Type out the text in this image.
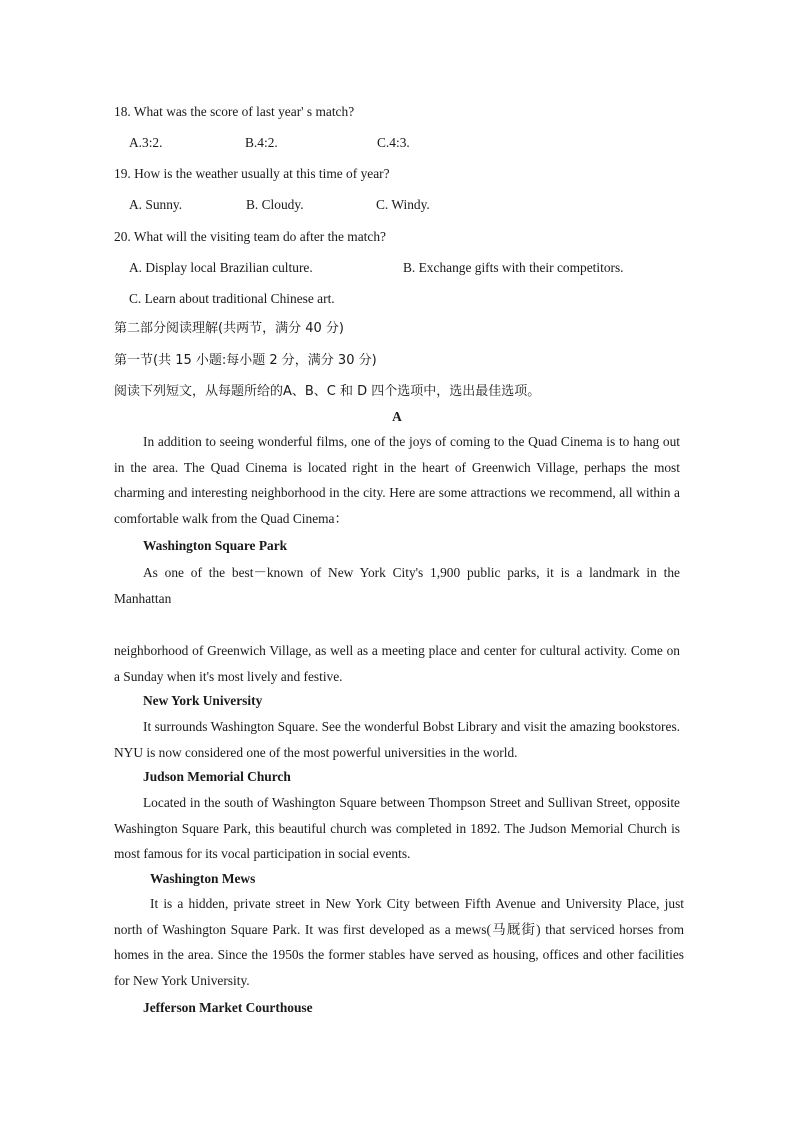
18. What was the score of last year' s match?
A.3:2.	B.4:2.	C.4:3.
19. How is the weather usually at this time of year?
A. Sunny.	B. Cloudy.	C. Windy.
20. What will the visiting team do after the match?
A. Display local Brazilian culture.	B. Exchange gifts with their competitors.
C. Learn about traditional Chinese art.
第二部分阅读理解(共两节，满分 40 分)
第一节(共 15 小题:每小题 2 分，满分 30 分)
阅读下列短文，从每题所给的A、B、C 和 D 四个选项中，选出最佳选项。
A
In addition to seeing wonderful films, one of the joys of coming to the Quad Cinema is to hang out in the area. The Quad Cinema is located right in the heart of Greenwich Village, perhaps the most charming and interesting neighborhood in the city. Here are some attractions we recommend, all within a comfortable walk from the Quad Cinema：
Washington Square Park
As one of the best－known of New York City's 1,900 public parks, it is a landmark in the Manhattan
neighborhood of Greenwich Village, as well as a meeting place and center for cultural activity. Come on a Sunday when it's most lively and festive.
New York University
It surrounds Washington Square. See the wonderful Bobst Library and visit the amazing bookstores. NYU is now considered one of the most powerful universities in the world.
Judson Memorial Church
Located in the south of Washington Square between Thompson Street and Sullivan Street, opposite Washington Square Park, this beautiful church was completed in 1892. The Judson Memorial Church is most famous for its vocal participation in social events.
Washington Mews
It is a hidden, private street in New York City between Fifth Avenue and University Place, just north of Washington Square Park. It was first developed as a mews(马厩街) that serviced horses from homes in the area. Since the 1950s the former stables have served as housing, offices and other facilities for New York University.
Jefferson Market Courthouse
